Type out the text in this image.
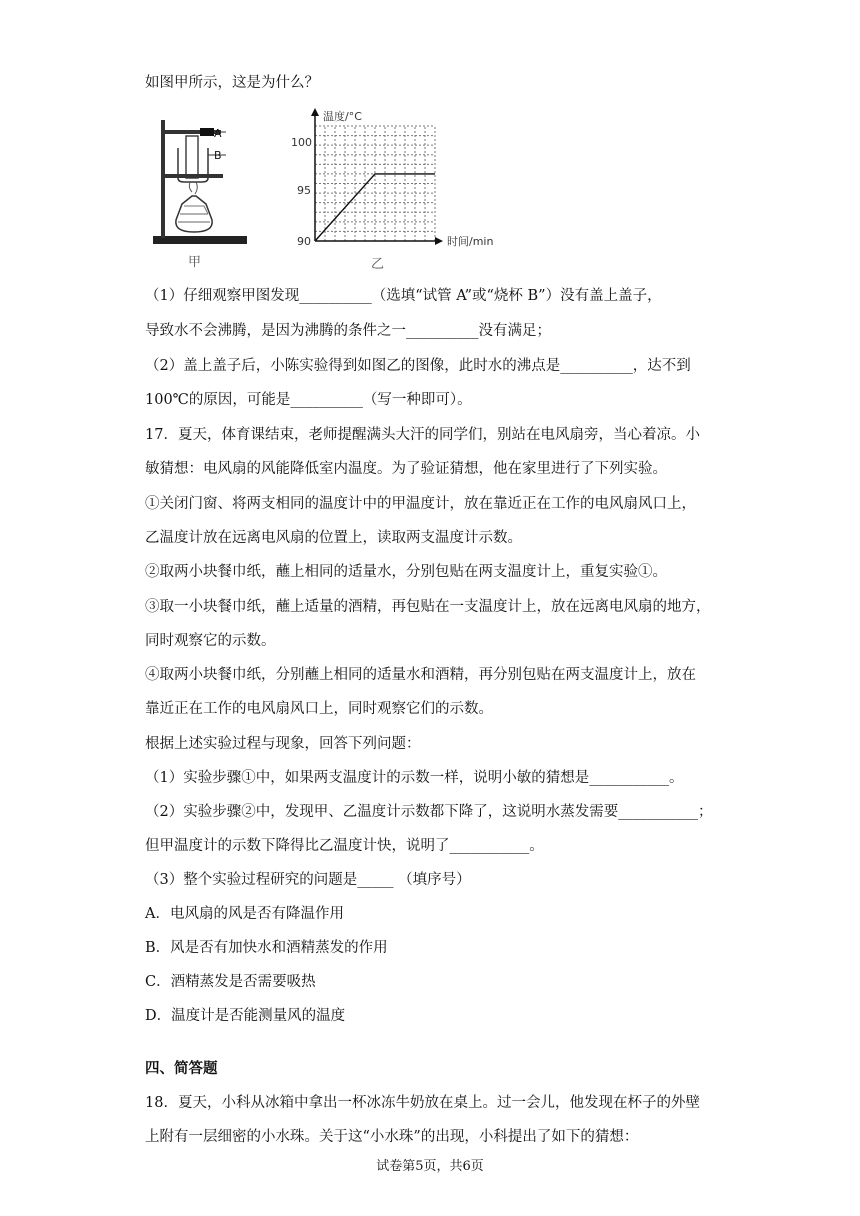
如图甲所示，这是为什么？
A
B
甲
温度/°C
时间/min
100
95
90
乙
（1）仔细观察甲图发现__________（选填“试管 A”或“烧杯 B”）没有盖上盖子，
导致水不会沸腾，是因为沸腾的条件之一__________没有满足；
（2）盖上盖子后，小陈实验得到如图乙的图像，此时水的沸点是__________，达不到
100℃的原因，可能是__________（写一种即可）。
17．夏天，体育课结束，老师提醒满头大汗的同学们，别站在电风扇旁，当心着凉。小
敏猜想：电风扇的风能降低室内温度。为了验证猜想，他在家里进行了下列实验。
①关闭门窗、将两支相同的温度计中的甲温度计，放在靠近正在工作的电风扇风口上，
乙温度计放在远离电风扇的位置上，读取两支温度计示数。
②取两小块餐巾纸，蘸上相同的适量水，分别包贴在两支温度计上，重复实验①。
③取一小块餐巾纸，蘸上适量的酒精，再包贴在一支温度计上，放在远离电风扇的地方，
同时观察它的示数。
④取两小块餐巾纸，分别蘸上相同的适量水和酒精，再分别包贴在两支温度计上，放在
靠近正在工作的电风扇风口上，同时观察它们的示数。
根据上述实验过程与现象，回答下列问题：
（1）实验步骤①中，如果两支温度计的示数一样，说明小敏的猜想是___________。
（2）实验步骤②中，发现甲、乙温度计示数都下降了，这说明水蒸发需要___________；
但甲温度计的示数下降得比乙温度计快，说明了___________。
（3）整个实验过程研究的问题是_____ （填序号）
A．电风扇的风是否有降温作用
B．风是否有加快水和酒精蒸发的作用
C．酒精蒸发是否需要吸热
D．温度计是否能测量风的温度
四、简答题
18．夏天，小科从冰箱中拿出一杯冰冻牛奶放在桌上。过一会儿，他发现在杯子的外壁
上附有一层细密的小水珠。关于这“小水珠”的出现，小科提出了如下的猜想：
试卷第5页，共6页
